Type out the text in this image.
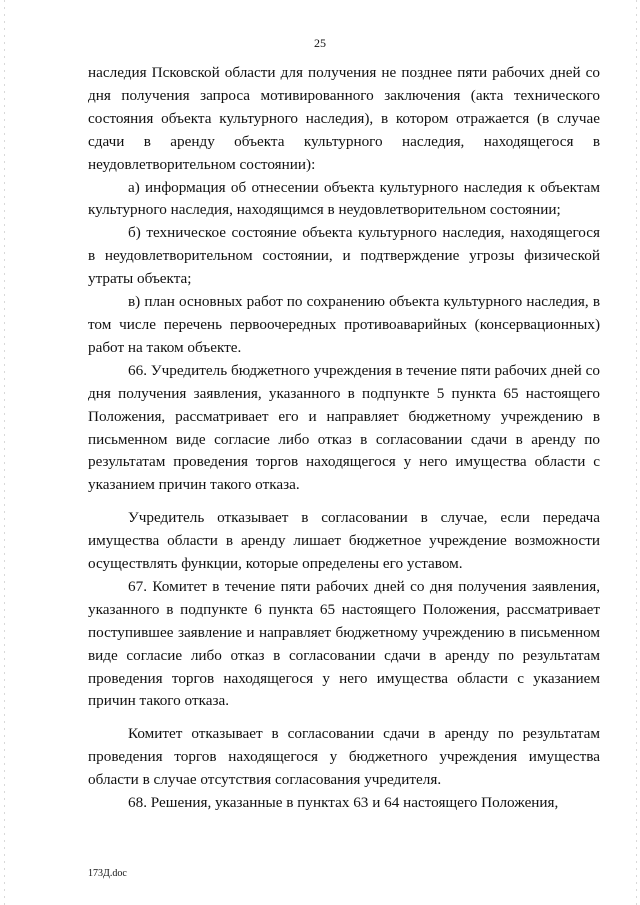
25

наследия Псковской области для получения не позднее пяти рабочих дней со дня получения запроса мотивированного заключения (акта технического состояния объекта культурного наследия), в котором отражается (в случае сдачи в аренду объекта культурного наследия, находящегося в неудовлетворительном состоянии):

а) информация об отнесении объекта культурного наследия к объектам культурного наследия, находящимся в неудовлетворительном состоянии;

б) техническое состояние объекта культурного наследия, находящегося в неудовлетворительном состоянии, и подтверждение угрозы физической утраты объекта;

в) план основных работ по сохранению объекта культурного наследия, в том числе перечень первоочередных противоаварийных (консервационных) работ на таком объекте.

66. Учредитель бюджетного учреждения в течение пяти рабочих дней со дня получения заявления, указанного в подпункте 5 пункта 65 настоящего Положения, рассматривает его и направляет бюджетному учреждению в письменном виде согласие либо отказ в согласовании сдачи в аренду по результатам проведения торгов находящегося у него имущества области с указанием причин такого отказа.

Учредитель отказывает в согласовании в случае, если передача имущества области в аренду лишает бюджетное учреждение возможности осуществлять функции, которые определены его уставом.

67. Комитет в течение пяти рабочих дней со дня получения заявления, указанного в подпункте 6 пункта 65 настоящего Положения, рассматривает поступившее заявление и направляет бюджетному учреждению в письменном виде согласие либо отказ в согласовании сдачи в аренду по результатам проведения торгов находящегося у него имущества области с указанием причин такого отказа.

Комитет отказывает в согласовании сдачи в аренду по результатам проведения торгов находящегося у бюджетного учреждения имущества области в случае отсутствия согласования учредителя.

68. Решения, указанные в пунктах 63 и 64 настоящего Положения,

173Д.doc
